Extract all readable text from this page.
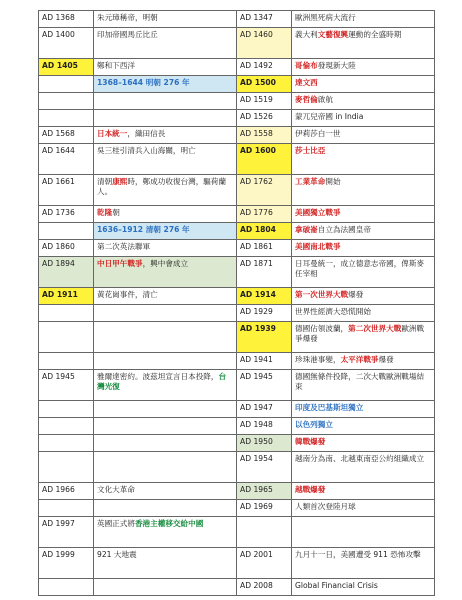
AD 1368	朱元璋稱帝，明朝	AD 1347	歐洲黑死病大流行
AD 1400	印加帝國馬丘比丘	AD 1460	義大利文藝復興運動的全盛時期
AD 1405	鄭和下西洋	AD 1492	哥倫布發現新大陸
	1368–1644 明朝 276 年	AD 1500	達文西
		AD 1519	麥哲倫啟航
		AD 1526	蒙兀兒帝國 in India
AD 1568	日本統一，織田信長	AD 1558	伊莉莎白一世
AD 1644	吳三桂引清兵入山海關，明亡	AD 1600	莎士比亞
AD 1661	清朝康熙時，鄭成功收復台灣，驅荷蘭人。	AD 1762	工業革命開始
AD 1736	乾隆朝	AD 1776	美國獨立戰爭
	1636–1912 清朝 276 年	AD 1804	拿破崙自立為法國皇帝
AD 1860	第二次英法聯軍	AD 1861	美國南北戰爭
AD 1894	中日甲午戰爭，興中會成立	AD 1871	日耳曼統一，成立德意志帝國，俾斯麥任宰相
AD 1911	黃花崗事件，清亡	AD 1914	第一次世界大戰爆發
		AD 1929	世界性經濟大恐慌開始
		AD 1939	德國佔領波蘭，第二次世界大戰歐洲戰爭爆發
		AD 1941	珍珠港事變，太平洋戰爭爆發
AD 1945	雅爾達密約。波茲坦宣言日本投降，台灣光復	AD 1945	德國無條件投降，二次大戰歐洲戰場結束
		AD 1947	印度及巴基斯坦獨立
		AD 1948	以色列獨立
		AD 1950	韓戰爆發
		AD 1954	越南分為南、北越東南亞公約組織成立
AD 1966	文化大革命	AD 1965	越戰爆發
		AD 1969	人類首次登陸月球
AD 1997	英國正式將香港主權移交給中國		
AD 1999	921 大地震	AD 2001	九月十一日，美國遭受 911 恐怖攻擊
		AD 2008	Global Financial Crisis
